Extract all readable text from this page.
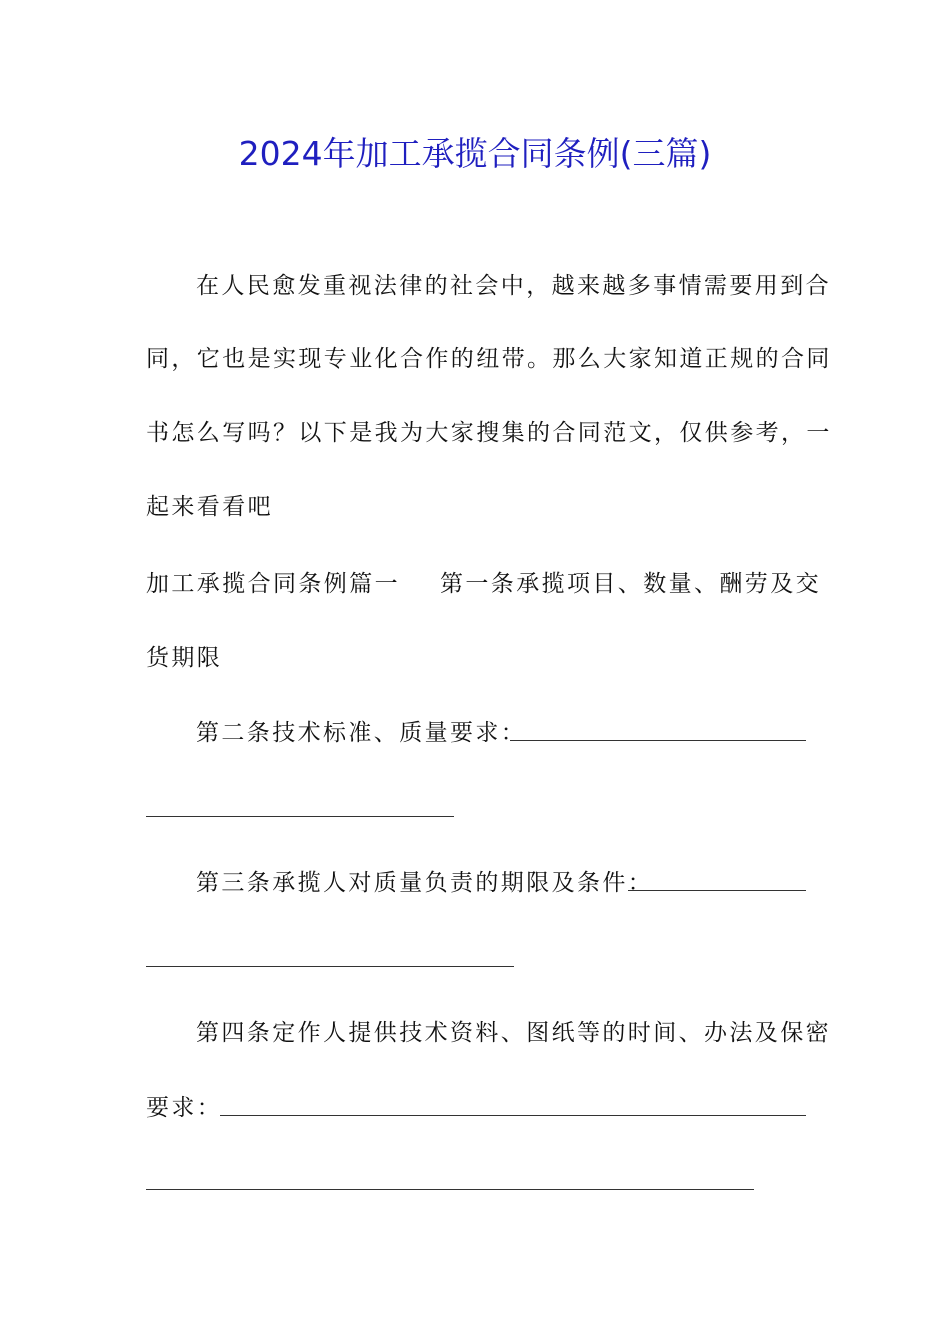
2024年加工承揽合同条例(三篇)
在人民愈发重视法律的社会中，越来越多事情需要用到合
同，它也是实现专业化合作的纽带。那么大家知道正规的合同
书怎么写吗？以下是我为大家搜集的合同范文，仅供参考，一
起来看看吧
加工承揽合同条例篇一 第一条承揽项目、数量、酬劳及交
货期限
第二条技术标准、质量要求：
第三条承揽人对质量负责的期限及条件：
第四条定作人提供技术资料、图纸等的时间、办法及保密
要求：
